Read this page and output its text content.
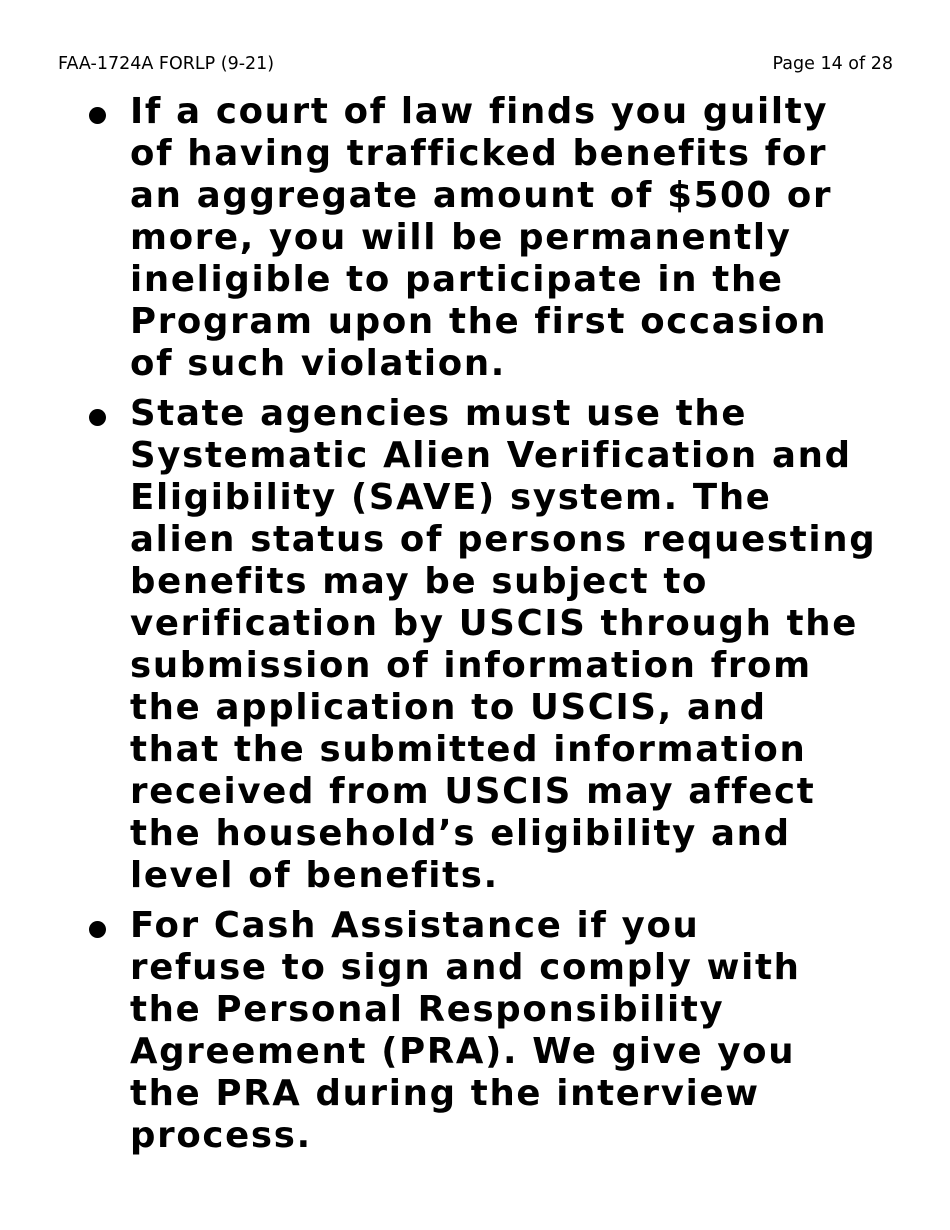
FAA-1724A FORLP (9-21)	Page 14 of 28

If a court of law finds you guilty
of having trafficked benefits for
an aggregate amount of $500 or
more, you will be permanently
ineligible to participate in the
Program upon the first occasion
of such violation.

State agencies must use the
Systematic Alien Verification and
Eligibility (SAVE) system. The
alien status of persons requesting
benefits may be subject to
verification by USCIS through the
submission of information from
the application to USCIS, and
that the submitted information
received from USCIS may affect
the household’s eligibility and
level of benefits.

For Cash Assistance if you
refuse to sign and comply with
the Personal Responsibility
Agreement (PRA). We give you
the PRA during the interview
process.
